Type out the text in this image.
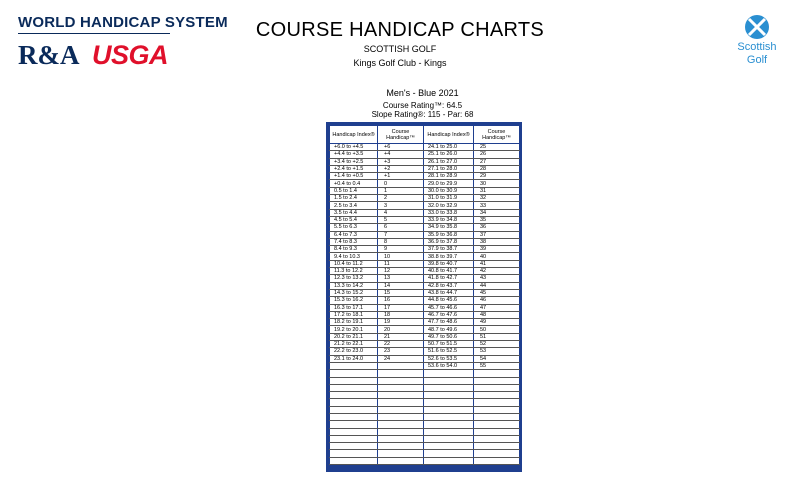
WORLD HANDICAP SYSTEM
R&A USGA	Scottish
Golf
COURSE HANDICAP CHARTS
SCOTTISH GOLF
Kings Golf Club - Kings
Men's - Blue 2021
Course Rating™: 64.5
Slope Rating®: 115 - Par: 68
Handicap Index®	Course Handicap™	Handicap Index®	Course Handicap™
+6.0 to +4.5	+6	24.1 to 25.0	25
+4.4 to +3.5	+4	25.1 to 26.0	26
+3.4 to +2.5	+3	26.1 to 27.0	27
+2.4 to +1.5	+2	27.1 to 28.0	28
+1.4 to +0.5	+1	28.1 to 28.9	29
+0.4 to 0.4	0	29.0 to 29.9	30
0.5 to 1.4	1	30.0 to 30.9	31
1.5 to 2.4	2	31.0 to 31.9	32
2.5 to 3.4	3	32.0 to 32.9	33
3.5 to 4.4	4	33.0 to 33.8	34
4.5 to 5.4	5	33.9 to 34.8	35
5.5 to 6.3	6	34.9 to 35.8	36
6.4 to 7.3	7	35.9 to 36.8	37
7.4 to 8.3	8	36.9 to 37.8	38
8.4 to 9.3	9	37.9 to 38.7	39
9.4 to 10.3	10	38.8 to 39.7	40
10.4 to 11.2	11	39.8 to 40.7	41
11.3 to 12.2	12	40.8 to 41.7	42
12.3 to 13.2	13	41.8 to 42.7	43
13.3 to 14.2	14	42.8 to 43.7	44
14.3 to 15.2	15	43.8 to 44.7	45
15.3 to 16.2	16	44.8 to 45.6	46
16.3 to 17.1	17	45.7 to 46.6	47
17.2 to 18.1	18	46.7 to 47.6	48
18.2 to 19.1	19	47.7 to 48.6	49
19.2 to 20.1	20	48.7 to 49.6	50
20.2 to 21.1	21	49.7 to 50.6	51
21.2 to 22.1	22	50.7 to 51.5	52
22.2 to 23.0	23	51.6 to 52.5	53
23.1 to 24.0	24	52.6 to 53.5	54
		53.6 to 54.0	55
